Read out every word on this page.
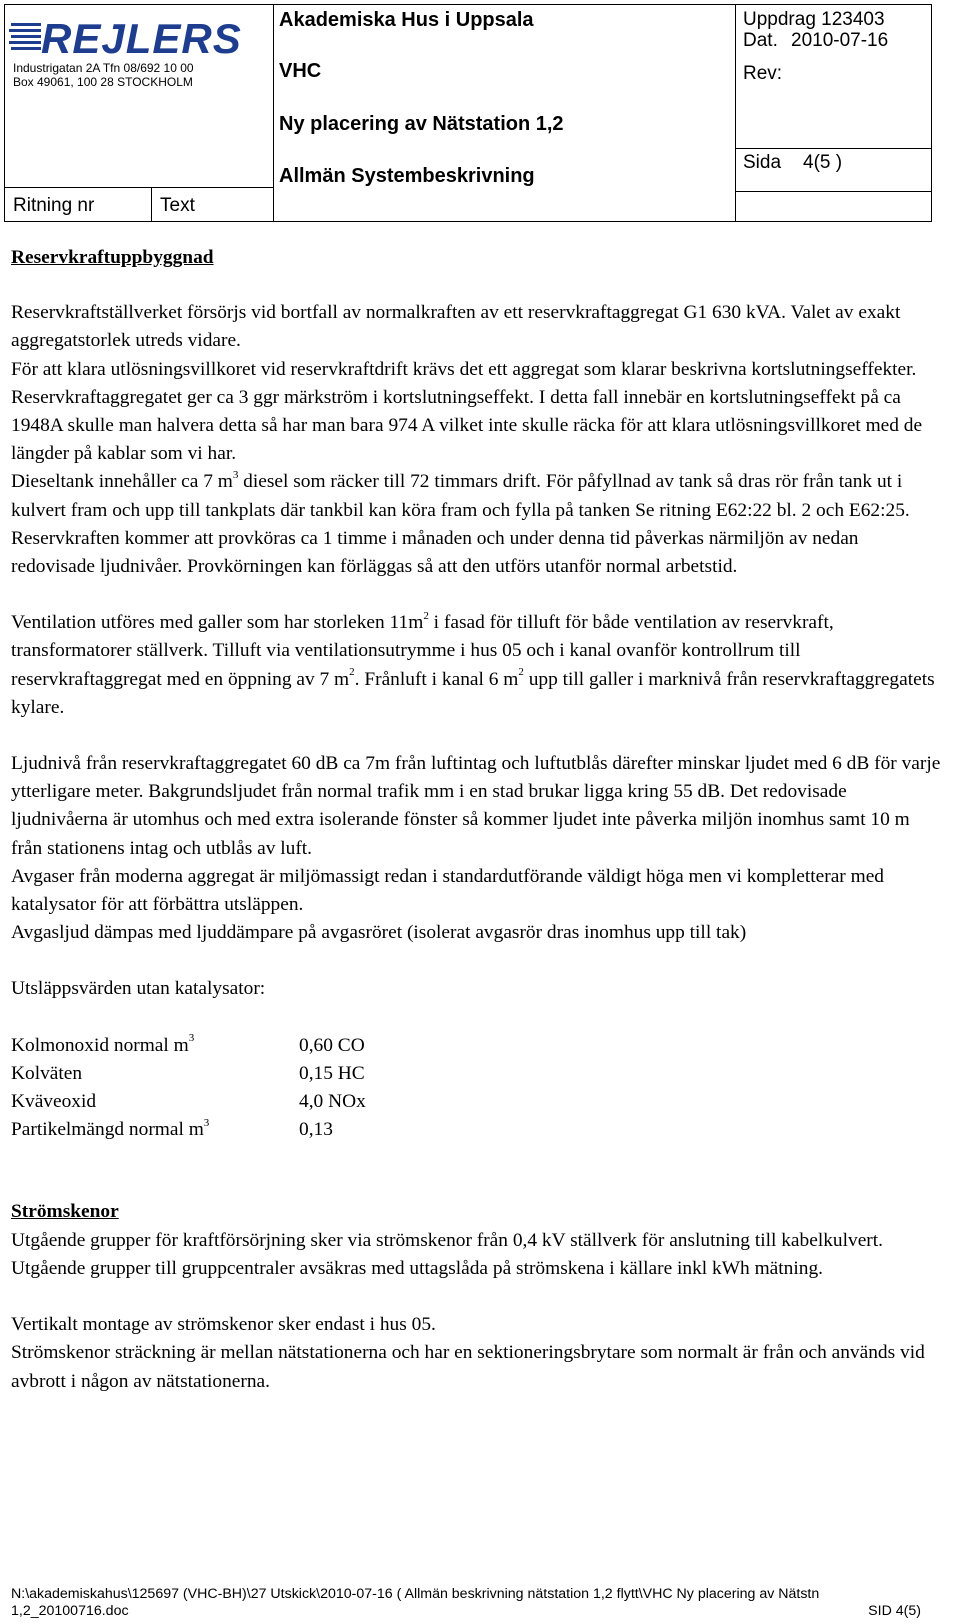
REJLERS
Industrigatan 2A Tfn 08/692 10 00
Box 49061, 100 28 STOCKHOLM
Ritning nr	Text
Akademiska Hus i Uppsala
VHC
Ny placering av Nätstation 1,2
Allmän Systembeskrivning
Uppdrag 123403
Dat. 2010-07-16
Rev:
Sida 4(5 )

Reservkraftuppbyggnad

Reservkraftställverket försörjs vid bortfall av normalkraften av ett reservkraftaggregat G1 630 kVA. Valet av exakt aggregatstorlek utreds vidare.

För att klara utlösningsvillkoret vid reservkraftdrift krävs det ett aggregat som klarar beskrivna kortslutningseffekter.

Reservkraftaggregatet ger ca 3 ggr märkström i kortslutningseffekt. I detta fall innebär en kortslutningseffekt på ca 1948A skulle man halvera detta så har man bara 974 A vilket inte skulle räcka för att klara utlösningsvillkoret med de längder på kablar som vi har.

Dieseltank innehåller ca 7 $m^3$ diesel som räcker till 72 timmars drift. För påfyllnad av tank så dras rör från tank ut i kulvert fram och upp till tankplats där tankbil kan köra fram och fylla på tanken Se ritning E62:22 bl. 2 och E62:25.

Reservkraften kommer att provköras ca 1 timme i månaden och under denna tid påverkas närmiljön av nedan redovisade ljudnivåer. Provkörningen kan förläggas så att den utförs utanför normal arbetstid.

Ventilation utföres med galler som har storleken $11m^2$ i fasad för tilluft för både ventilation av reservkraft, transformatorer ställverk. Tilluft via ventilationsutrymme i hus 05 och i kanal ovanför kontrollrum till reservkraftaggregat med en öppning av 7 $m^2$. Frånluft i kanal 6 $m^2$ upp till galler i marknivå från reservkraftaggregatets kylare.

Ljudnivå från reservkraftaggregatet 60 dB ca 7m från luftintag och luftutblås därefter minskar ljudet med 6 dB för varje ytterligare meter. Bakgrundsljudet från normal trafik mm i en stad brukar ligga kring 55 dB. Det redovisade ljudnivåerna är utomhus och med extra isolerande fönster så kommer ljudet inte påverka miljön inomhus samt 10 m från stationens intag och utblås av luft.

Avgaser från moderna aggregat är miljömassigt redan i standardutförande väldigt höga men vi kompletterar med katalysator för att förbättra utsläppen.

Avgasljud dämpas med ljuddämpare på avgasröret (isolerat avgasrör dras inomhus upp till tak)

Utsläppsvärden utan katalysator:

Kolmonoxid normal $m^3$	0,60 CO
Kolväten	0,15 HC
Kväveoxid	4,0 NOx
Partikelmängd normal $m^3$	0,13

Strömskenor

Utgående grupper för kraftförsörjning sker via strömskenor från 0,4 kV ställverk för anslutning till kabelkulvert. Utgående grupper till gruppcentraler avsäkras med uttagslåda på strömskena i källare inkl kWh mätning.

Vertikalt montage av strömskenor sker endast i hus 05.

Strömskenor sträckning är mellan nätstationerna och har en sektioneringsbrytare som normalt är från och används vid avbrott i någon av nätstationerna.

N:\akademiskahus\125697 (VHC-BH)\27 Utskick\2010-07-16 ( Allmän beskrivning nätstation 1,2 flytt\VHC Ny placering av Nätstn 1,2_20100716.doc	SID 4(5)
